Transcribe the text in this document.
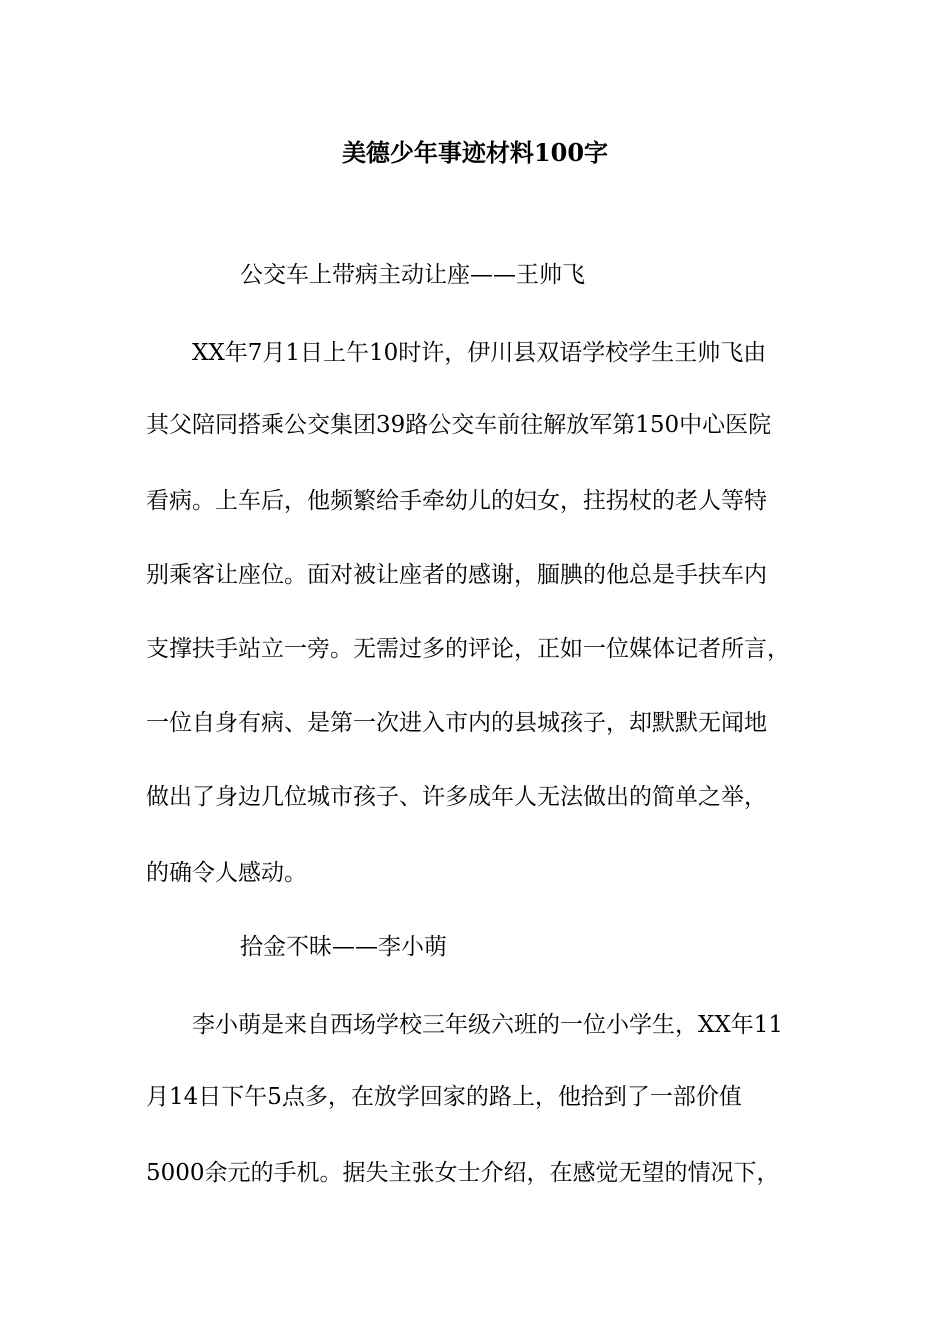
美德少年事迹材料100字
公交车上带病主动让座——王帅飞
XX年7月1日上午10时许，伊川县双语学校学生王帅飞由
其父陪同搭乘公交集团39路公交车前往解放军第150中心医院
看病。上车后，他频繁给手牵幼儿的妇女，拄拐杖的老人等特
别乘客让座位。面对被让座者的感谢，腼腆的他总是手扶车内
支撑扶手站立一旁。无需过多的评论，正如一位媒体记者所言，
一位自身有病、是第一次进入市内的县城孩子，却默默无闻地
做出了身边几位城市孩子、许多成年人无法做出的简单之举，
的确令人感动。
拾金不昧——李小萌
李小萌是来自西场学校三年级六班的一位小学生，XX年11
月14日下午5点多，在放学回家的路上，他拾到了一部价值
5000余元的手机。据失主张女士介绍，在感觉无望的情况下，
